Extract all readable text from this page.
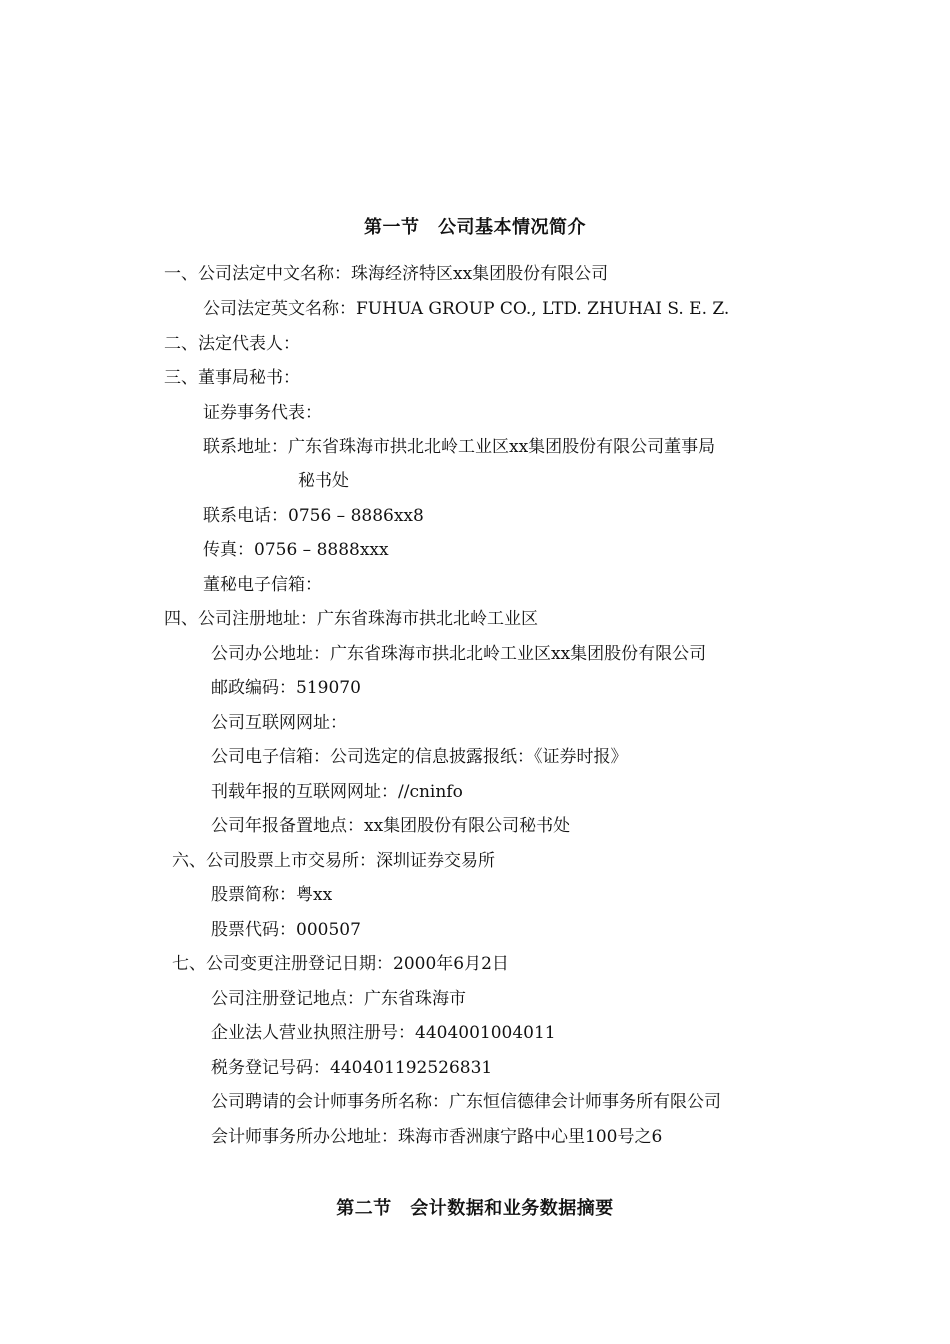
第一节　公司基本情况简介
一、公司法定中文名称：珠海经济特区xx集团股份有限公司
公司法定英文名称：FUHUA GROUP CO., LTD. ZHUHAI S. E. Z.
二、法定代表人：
三、董事局秘书：
证券事务代表：
联系地址：广东省珠海市拱北北岭工业区xx集团股份有限公司董事局
秘书处
联系电话：0756 – 8886xx8
传真：0756 – 8888xxx
董秘电子信箱：
四、公司注册地址：广东省珠海市拱北北岭工业区
公司办公地址：广东省珠海市拱北北岭工业区xx集团股份有限公司
邮政编码：519070
公司互联网网址：
公司电子信箱：公司选定的信息披露报纸：《证券时报》
刊载年报的互联网网址：//cninfo
公司年报备置地点：xx集团股份有限公司秘书处
六、公司股票上市交易所：深圳证券交易所
股票简称：粤xx
股票代码：000507
七、公司变更注册登记日期：2000年6月2日
公司注册登记地点：广东省珠海市
企业法人营业执照注册号：4404001004011
税务登记号码：440401192526831
公司聘请的会计师事务所名称：广东恒信德律会计师事务所有限公司
会计师事务所办公地址：珠海市香洲康宁路中心里100号之6
第二节　会计数据和业务数据摘要
